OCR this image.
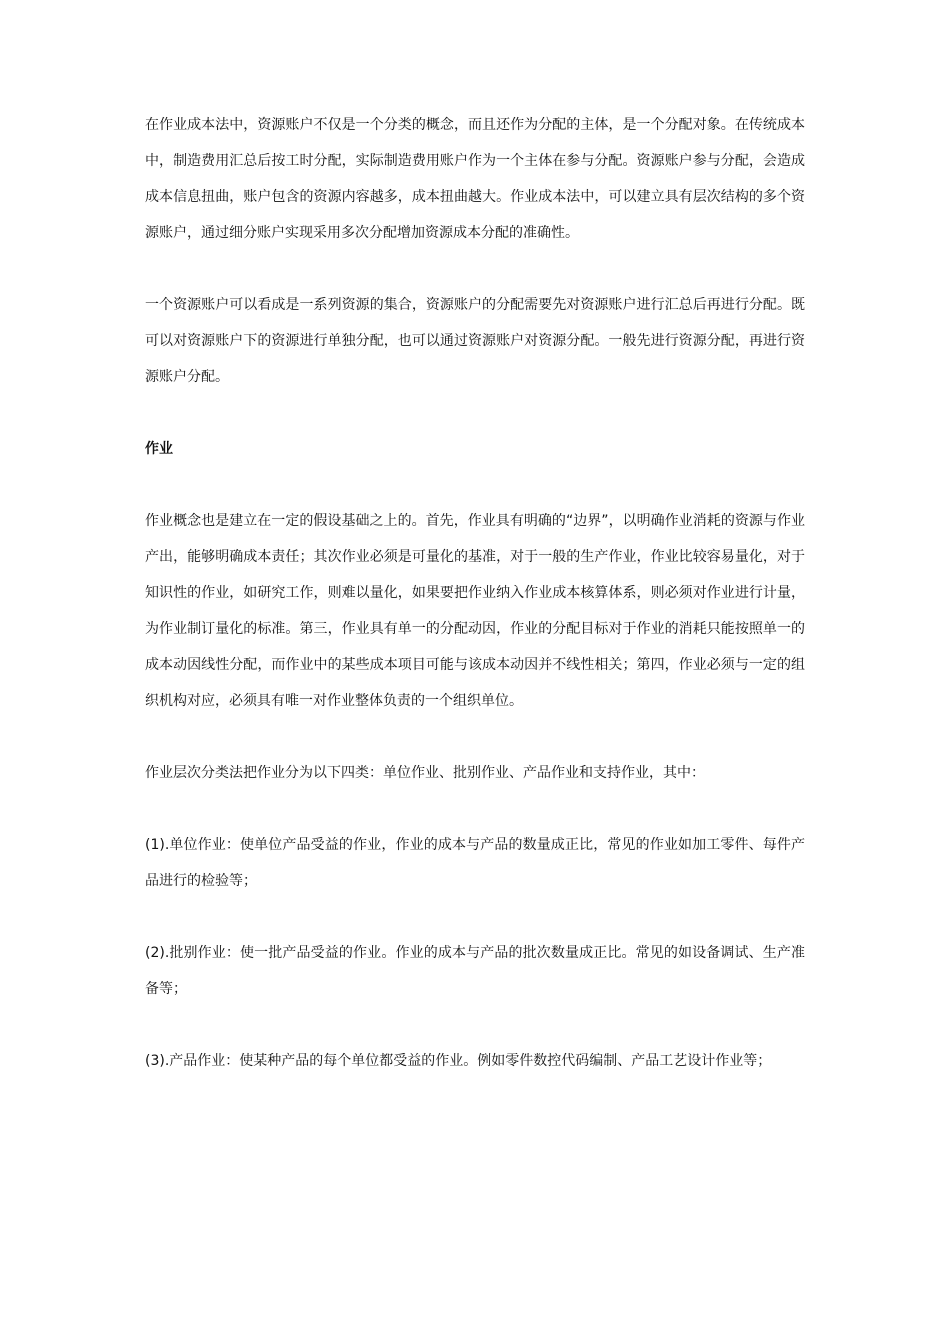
在作业成本法中，资源账户不仅是一个分类的概念，而且还作为分配的主体，是一个分配对象。在传统成本中，制造费用汇总后按工时分配，实际制造费用账户作为一个主体在参与分配。资源账户参与分配，会造成成本信息扭曲，账户包含的资源内容越多，成本扭曲越大。作业成本法中，可以建立具有层次结构的多个资源账户，通过细分账户实现采用多次分配增加资源成本分配的准确性。

一个资源账户可以看成是一系列资源的集合，资源账户的分配需要先对资源账户进行汇总后再进行分配。既可以对资源账户下的资源进行单独分配，也可以通过资源账户对资源分配。一般先进行资源分配，再进行资源账户分配。

作业

作业概念也是建立在一定的假设基础之上的。首先，作业具有明确的“边界”，以明确作业消耗的资源与作业产出，能够明确成本责任；其次作业必须是可量化的基准，对于一般的生产作业，作业比较容易量化，对于知识性的作业，如研究工作，则难以量化，如果要把作业纳入作业成本核算体系，则必须对作业进行计量，为作业制订量化的标准。第三，作业具有单一的分配动因，作业的分配目标对于作业的消耗只能按照单一的成本动因线性分配，而作业中的某些成本项目可能与该成本动因并不线性相关；第四，作业必须与一定的组织机构对应，必须具有唯一对作业整体负责的一个组织单位。

作业层次分类法把作业分为以下四类：单位作业、批别作业、产品作业和支持作业，其中：

(1).单位作业：使单位产品受益的作业，作业的成本与产品的数量成正比，常见的作业如加工零件、每件产品进行的检验等；

(2).批别作业：使一批产品受益的作业。作业的成本与产品的批次数量成正比。常见的如设备调试、生产准备等；

(3).产品作业：使某种产品的每个单位都受益的作业。例如零件数控代码编制、产品工艺设计作业等；
